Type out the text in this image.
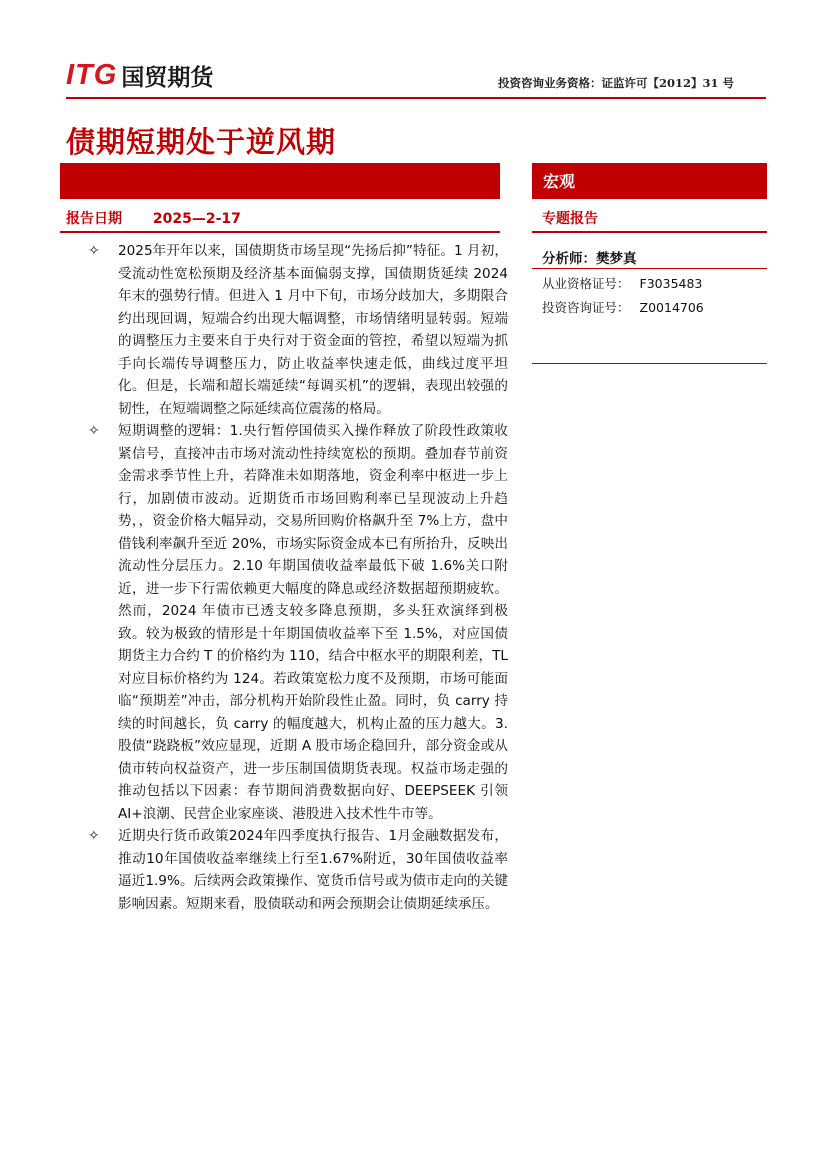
ITG 国贸期货	投资咨询业务资格：证监许可【2012】31 号
债期短期处于逆风期
宏观
报告日期 2025—2-17	专题报告
分析师：樊梦真
从业资格证号： F3035483
投资咨询证号： Z0014706
✧	2025年开年以来，国债期货市场呈现“先扬后抑”特征。1 月初，受流动性宽松预期及经济基本面偏弱支撑，国债期货延续 2024 年末的强势行情。但进入 1 月中下旬，市场分歧加大，多期限合约出现回调，短端合约出现大幅调整，市场情绪明显转弱。短端的调整压力主要来自于央行对于资金面的管控，希望以短端为抓手向长端传导调整压力，防止收益率快速走低，曲线过度平坦化。但是，长端和超长端延续“每调买机”的逻辑，表现出较强的韧性，在短端调整之际延续高位震荡的格局。

✧	短期调整的逻辑：1.央行暂停国债买入操作释放了阶段性政策收紧信号，直接冲击市场对流动性持续宽松的预期。叠加春节前资金需求季节性上升，若降准未如期落地，资金利率中枢进一步上行，加剧债市波动。近期货币市场回购利率已呈现波动上升趋势，，资金价格大幅异动，交易所回购价格飙升至 7%上方，盘中借钱利率飙升至近 20%，市场实际资金成本已有所抬升，反映出流动性分层压力。2.10 年期国债收益率最低下破 1.6%关口附近，进一步下行需依赖更大幅度的降息或经济数据超预期疲软。然而，2024 年债市已透支较多降息预期，多头狂欢演绎到极致。较为极致的情形是十年期国债收益率下至 1.5%，对应国债期货主力合约 T 的价格约为 110，结合中枢水平的期限利差，TL 对应目标价格约为 124。若政策宽松力度不及预期，市场可能面临“预期差”冲击，部分机构开始阶段性止盈。同时，负 carry 持续的时间越长，负 carry 的幅度越大，机构止盈的压力越大。3.股债“跷跷板”效应显现，近期 A 股市场企稳回升，部分资金或从债市转向权益资产，进一步压制国债期货表现。权益市场走强的推动包括以下因素：春节期间消费数据向好、DEEPSEEK 引领 AI+浪潮、民营企业家座谈、港股进入技术性牛市等。

✧	近期央行货币政策2024年四季度执行报告、1月金融数据发布，推动10年国债收益率继续上行至1.67%附近，30年国债收益率逼近1.9%。后续两会政策操作、宽货币信号或为债市走向的关键影响因素。短期来看，股债联动和两会预期会让债期延续承压。
